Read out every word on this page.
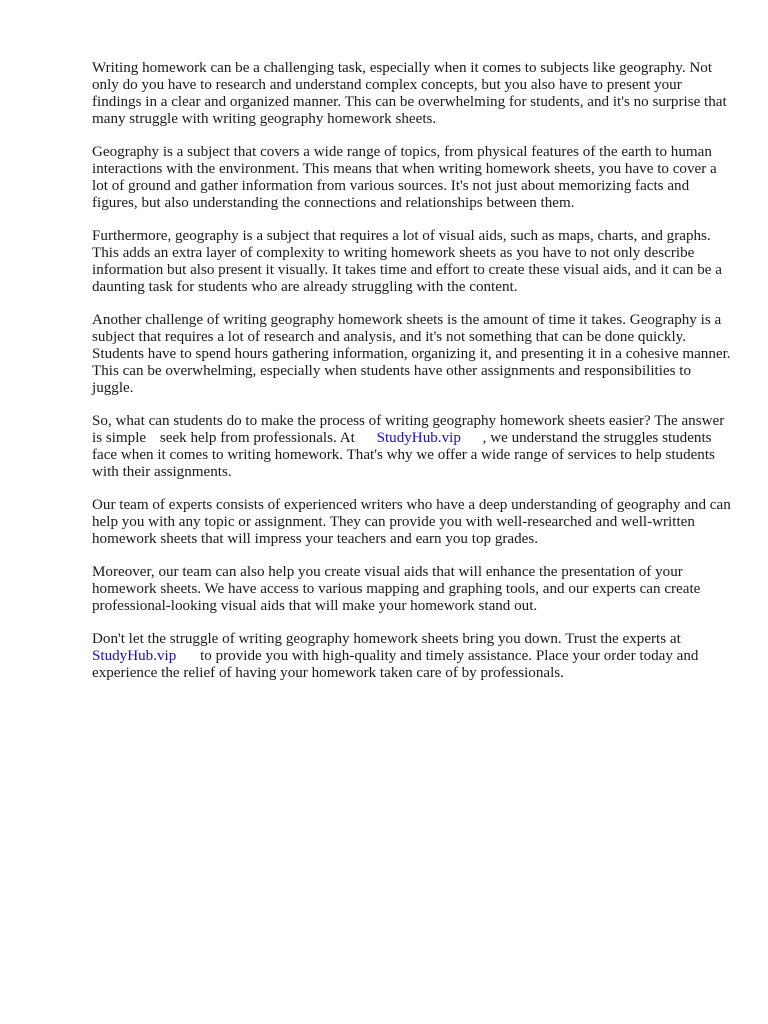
Writing homework can be a challenging task, especially when it comes to subjects like geography. Not only do you have to research and understand complex concepts, but you also have to present your findings in a clear and organized manner. This can be overwhelming for students, and it's no surprise that many struggle with writing geography homework sheets.

Geography is a subject that covers a wide range of topics, from physical features of the earth to human interactions with the environment. This means that when writing homework sheets, you have to cover a lot of ground and gather information from various sources. It's not just about memorizing facts and figures, but also understanding the connections and relationships between them.

Furthermore, geography is a subject that requires a lot of visual aids, such as maps, charts, and graphs. This adds an extra layer of complexity to writing homework sheets as you have to not only describe information but also present it visually. It takes time and effort to create these visual aids, and it can be a daunting task for students who are already struggling with the content.

Another challenge of writing geography homework sheets is the amount of time it takes. Geography is a subject that requires a lot of research and analysis, and it's not something that can be done quickly. Students have to spend hours gathering information, organizing it, and presenting it in a cohesive manner. This can be overwhelming, especially when students have other assignments and responsibilities to juggle.

So, what can students do to make the process of writing geography homework sheets easier? The answer is simple seek help from professionals. At StudyHub.vip , we understand the struggles students face when it comes to writing homework. That's why we offer a wide range of services to help students with their assignments.

Our team of experts consists of experienced writers who have a deep understanding of geography and can help you with any topic or assignment. They can provide you with well-researched and well-written homework sheets that will impress your teachers and earn you top grades.

Moreover, our team can also help you create visual aids that will enhance the presentation of your homework sheets. We have access to various mapping and graphing tools, and our experts can create professional-looking visual aids that will make your homework stand out.

Don't let the struggle of writing geography homework sheets bring you down. Trust the experts at StudyHub.vip to provide you with high-quality and timely assistance. Place your order today and experience the relief of having your homework taken care of by professionals.
